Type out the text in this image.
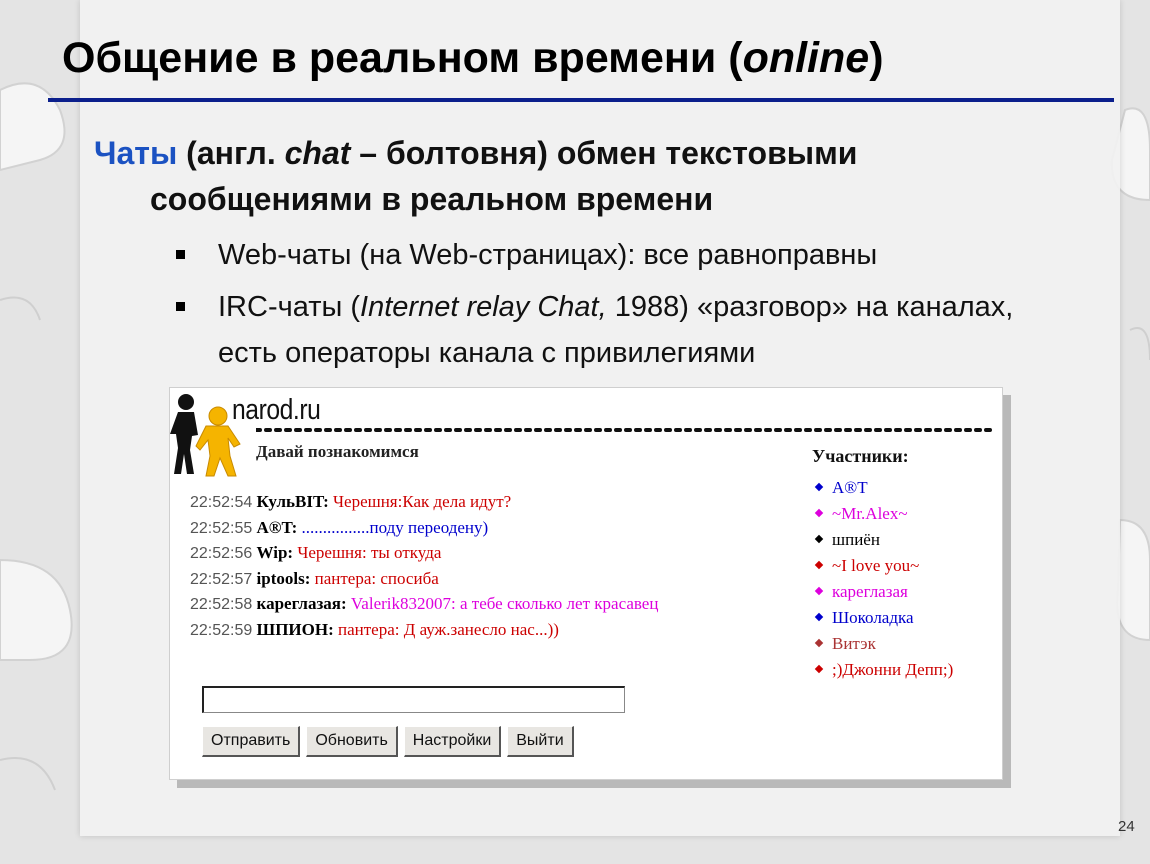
Общение в реальном времени (online)
Чаты (англ. chat – болтовня) обмен текстовыми
сообщениями в реальном времени
Web-чаты (на Web-страницах): все равноправны
IRC-чаты (Internet relay Chat, 1988) «разговор» на каналах, есть операторы канала с привилегиями
narod.ru
Давай познакомимся	Участники:
22:52:54 КульBIT: Черешня:Как дела идут?
22:52:55 A®T: ................поду переодену)
22:52:56 Wip: Черешня: ты откуда
22:52:57 iptools: пантера: спосиба
22:52:58 кареглазая: Valerik832007: а тебе сколько лет красавец
22:52:59 ШПИОН: пантера: Д ауж.занесло нас...))
A®T
~Mr.Alex~
шпиён
~I love you~
кареглазая
Шоколадка
Витэк
;)Джонни Депп;)
Отправить	Обновить	Настройки	Выйти
24
